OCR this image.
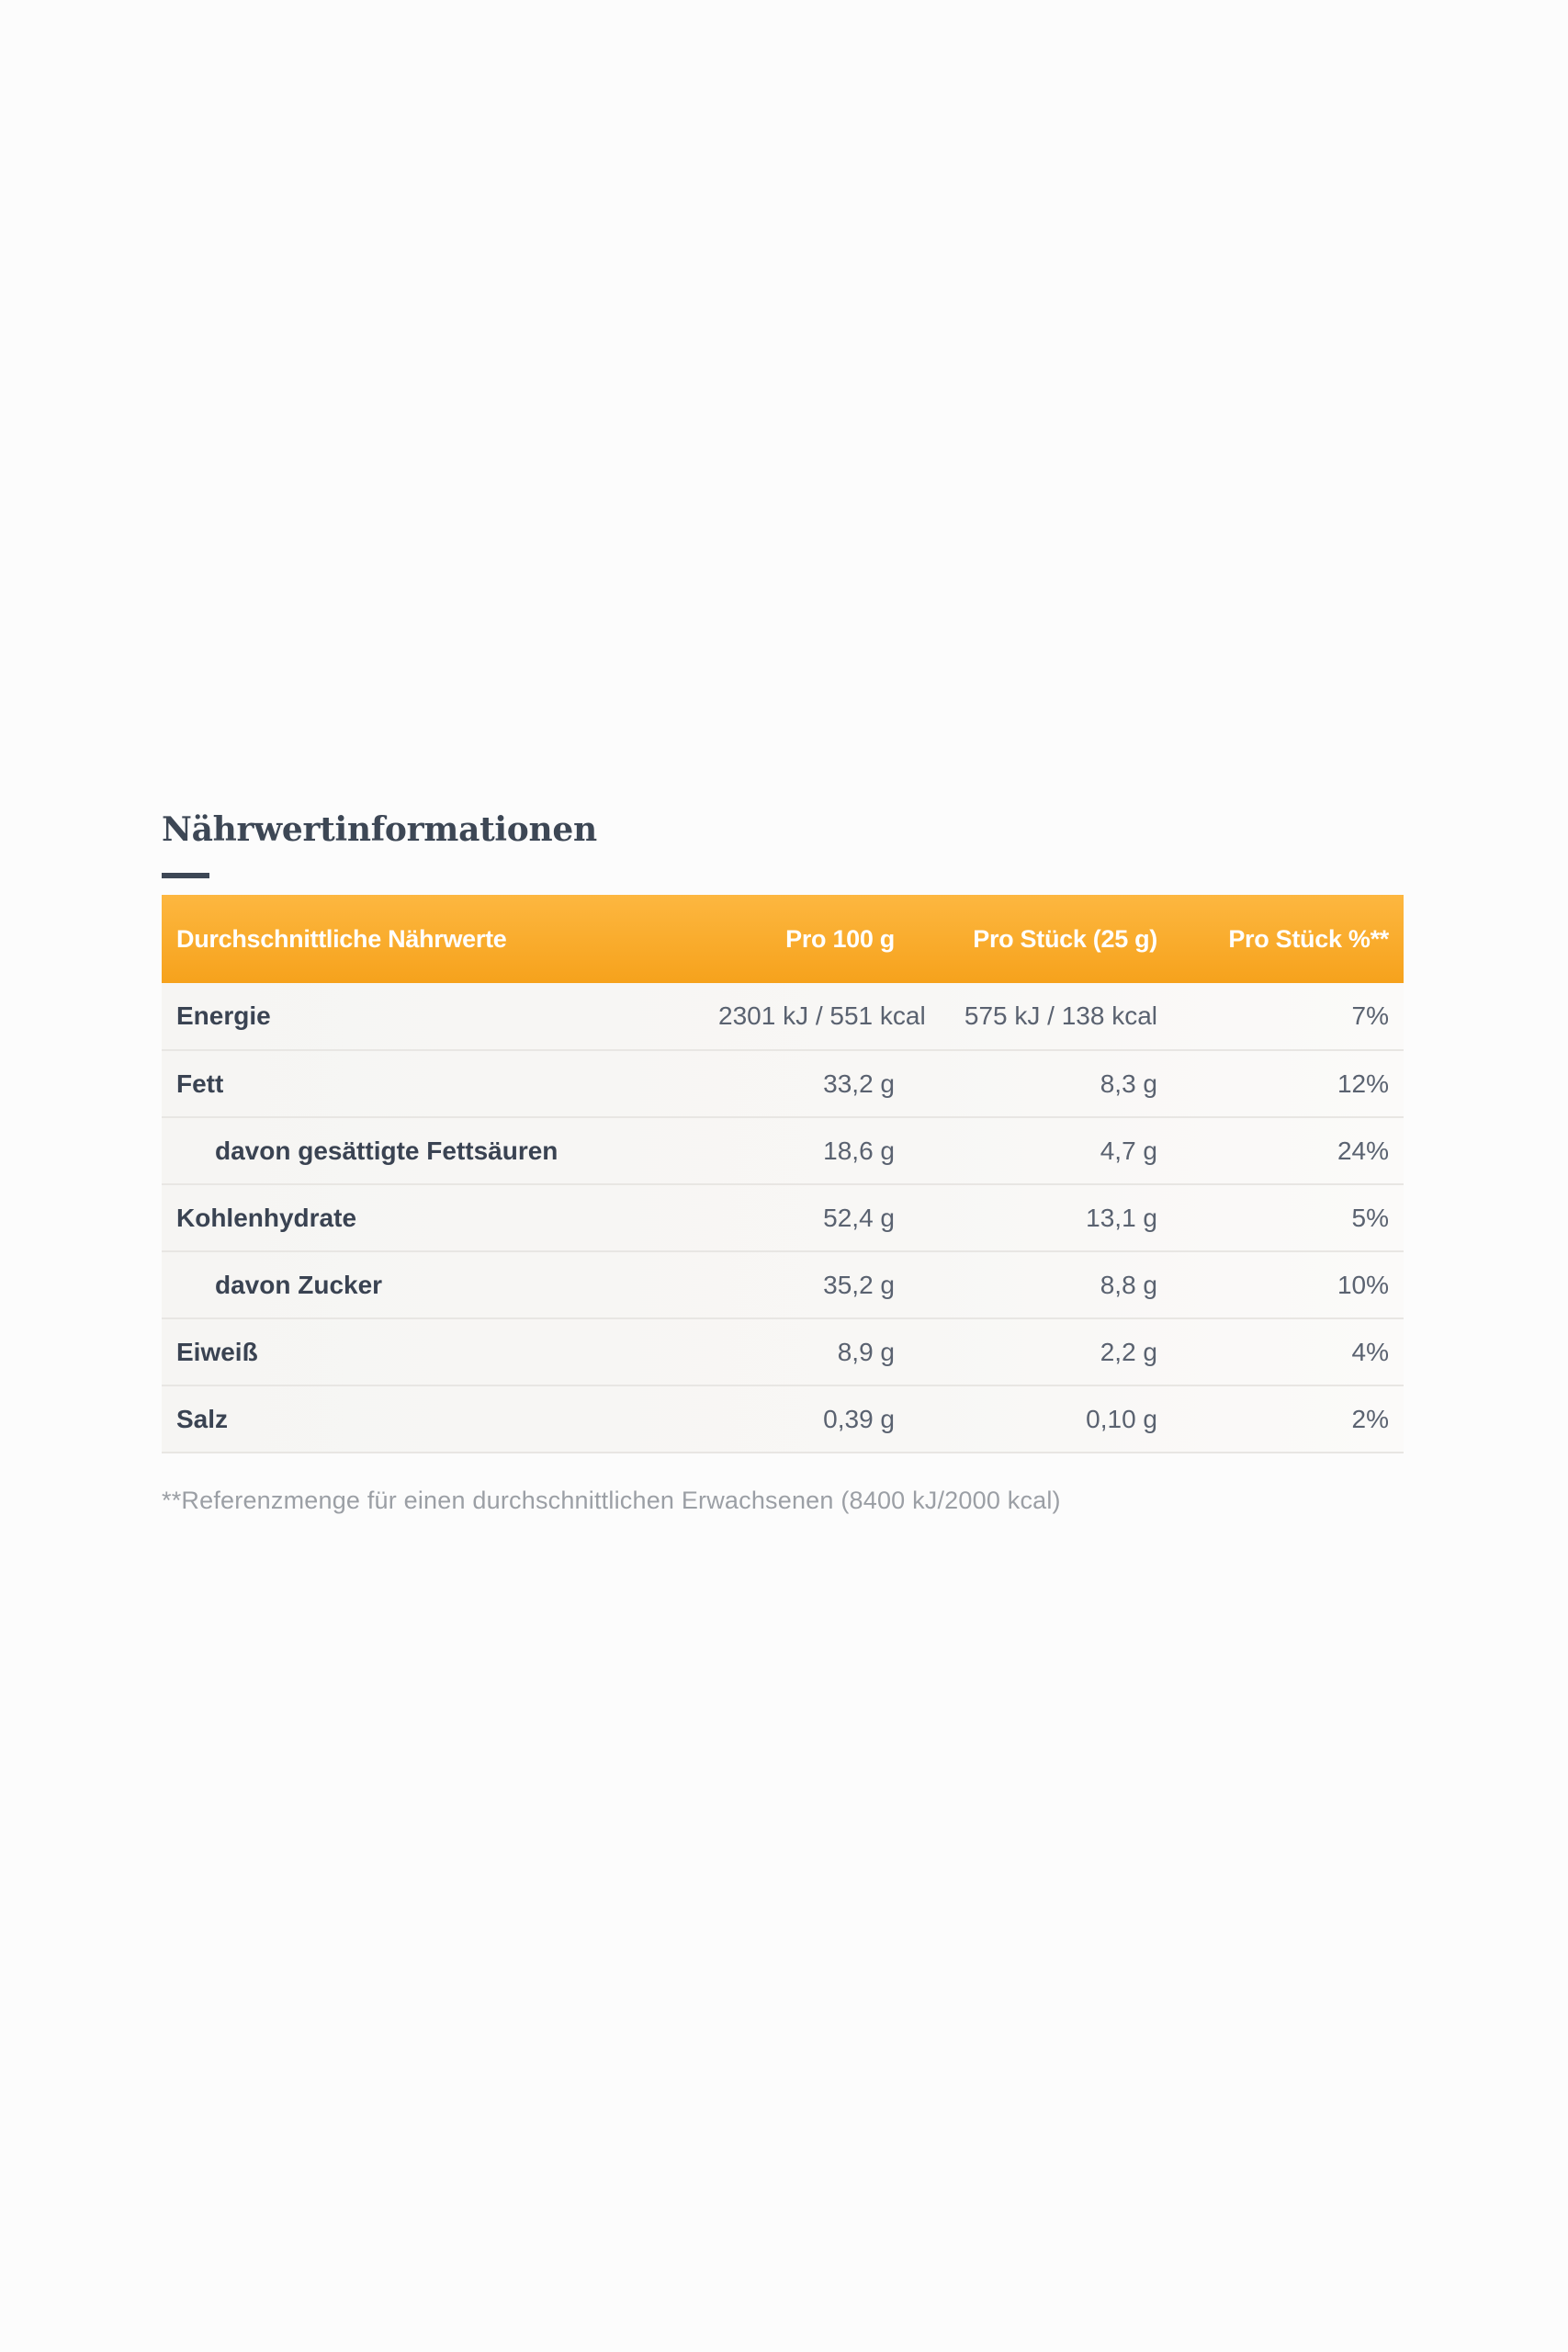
Nährwertinformationen
Durchschnittliche Nährwerte	Pro 100 g	Pro Stück (25 g)	Pro Stück %**
Energie	2301 kJ / 551 kcal	575 kJ / 138 kcal	7%
Fett	33,2 g	8,3 g	12%
davon gesättigte Fettsäuren	18,6 g	4,7 g	24%
Kohlenhydrate	52,4 g	13,1 g	5%
davon Zucker	35,2 g	8,8 g	10%
Eiweiß	8,9 g	2,2 g	4%
Salz	0,39 g	0,10 g	2%

**Referenzmenge für einen durchschnittlichen Erwachsenen (8400 kJ/2000 kcal)
